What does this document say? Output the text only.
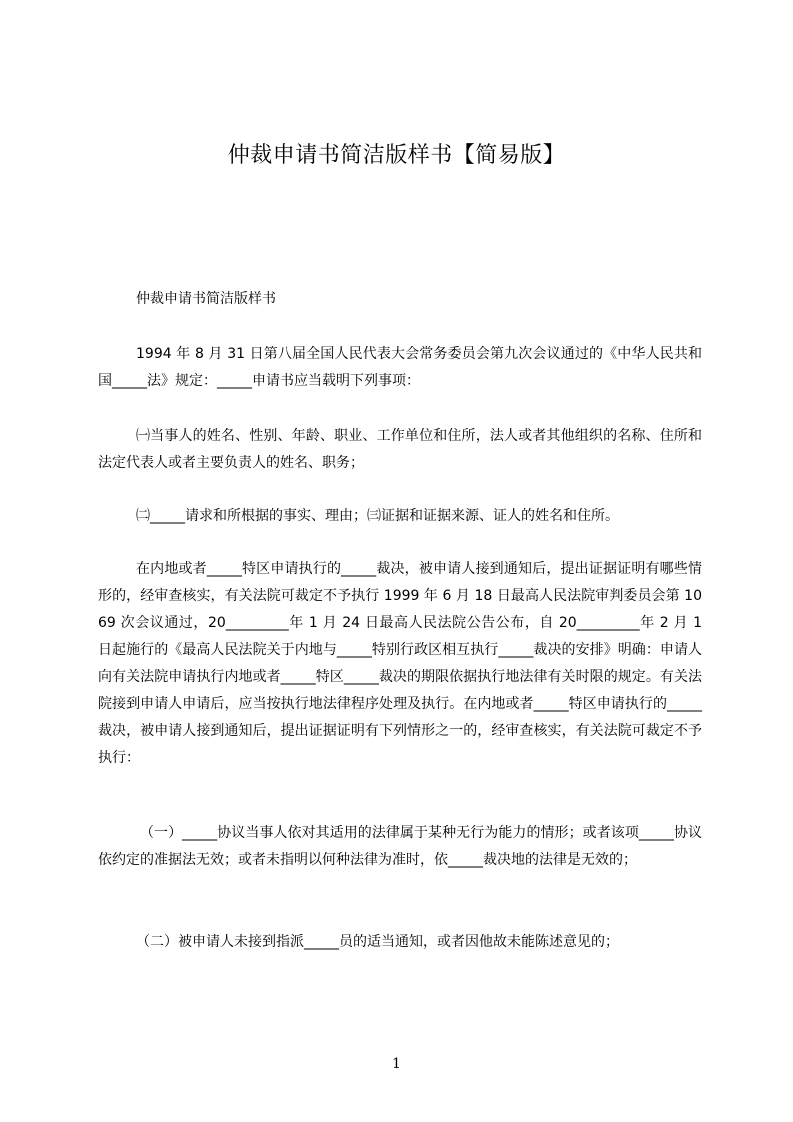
仲裁申请书简洁版样书【简易版】

仲裁申请书简洁版样书

1994 年 8 月 31 日第八届全国人民代表大会常务委员会第九次会议通过的《中华人民共和国_____法》规定：_____申请书应当载明下列事项：

㈠当事人的姓名、性别、年龄、职业、工作单位和住所，法人或者其他组织的名称、住所和法定代表人或者主要负责人的姓名、职务；

㈡_____请求和所根据的事实、理由；㈢证据和证据来源、证人的姓名和住所。

在内地或者_____特区申请执行的_____裁决，被申请人接到通知后，提出证据证明有哪些情形的，经审查核实，有关法院可裁定不予执行 1999 年 6 月 18 日最高人民法院审判委员会第 1069 次会议通过，20_________年 1 月 24 日最高人民法院公告公布，自 20_________年 2 月 1 日起施行的《最高人民法院关于内地与_____特别行政区相互执行_____裁决的安排》明确：申请人向有关法院申请执行内地或者_____特区_____裁决的期限依据执行地法律有关时限的规定。有关法院接到申请人申请后，应当按执行地法律程序处理及执行。在内地或者_____特区申请执行的_____裁决，被申请人接到通知后，提出证据证明有下列情形之一的，经审查核实，有关法院可裁定不予执行：

（一）_____协议当事人依对其适用的法律属于某种无行为能力的情形；或者该项_____协议依约定的准据法无效；或者未指明以何种法律为准时，依_____裁决地的法律是无效的；

（二）被申请人未接到指派_____员的适当通知，或者因他故未能陈述意见的；

1
